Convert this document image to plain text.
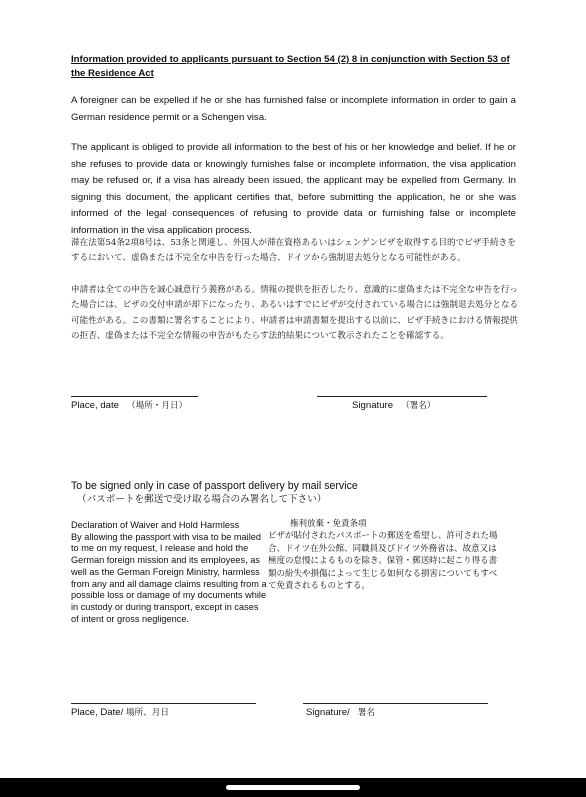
Information provided to applicants pursuant to Section 54 (2) 8 in conjunction with Section 53 of the Residence Act

A foreigner can be expelled if he or she has furnished false or incomplete information in order to gain a German residence permit or a Schengen visa.

The applicant is obliged to provide all information to the best of his or her knowledge and belief. If he or she refuses to provide data or knowingly furnishes false or incomplete information, the visa application may be refused or, if a visa has already been issued, the applicant may be expelled from Germany. In signing this document, the applicant certifies that, before submitting the application, he or she was informed of the legal consequences of refusing to provide data or furnishing false or incomplete information in the visa application process.

滞在法第54条2項8号は、53条と関連し、外国人が滞在資格あるいはシェンゲンビザを取得する目的でビザ手続きをするにおいて、虚偽または不完全な申告を行った場合、ドイツから強制退去処分となる可能性がある。

申請者は全ての申告を誠心誠意行う義務がある。情報の提供を拒否したり、意識的に虚偽または不完全な申告を行った場合には、ビザの交付申請が却下になったり、あるいはすでにビザが交付されている場合には強制退去処分となる可能性がある。この書類に署名することにより、申請者は申請書類を提出する以前に、ビザ手続きにおける情報提供の拒否、虚偽または不完全な情報の申告がもたらす法的結果について教示されたことを確認する。

Place, date （場所・月日）	Signature （署名）

To be signed only in case of passport delivery by mail service

（パスポートを郵送で受け取る場合のみ署名して下さい）

Declaration of Waiver and Hold Harmless
By allowing the passport with visa to be mailed to me on my request, I release and hold the German foreign mission and its employees, as well as the German Foreign Ministry, harmless from any and all damage claims resulting from a possible loss or damage of my documents while in custody or during transport, except in cases of intent or gross negligence.
権利放棄・免責条項
ビザが貼付されたパスポートの郵送を希望し、許可された場合、ドイツ在外公館、同職員及びドイツ外務省は、故意又は極度の怠慢によるものを除き、保管・郵送時に起こり得る書類の紛失や損傷によって生じる如何なる損害についてもすべて免責されるものとする。
Place, Date/ 場所、月日	Signature/ 署名
